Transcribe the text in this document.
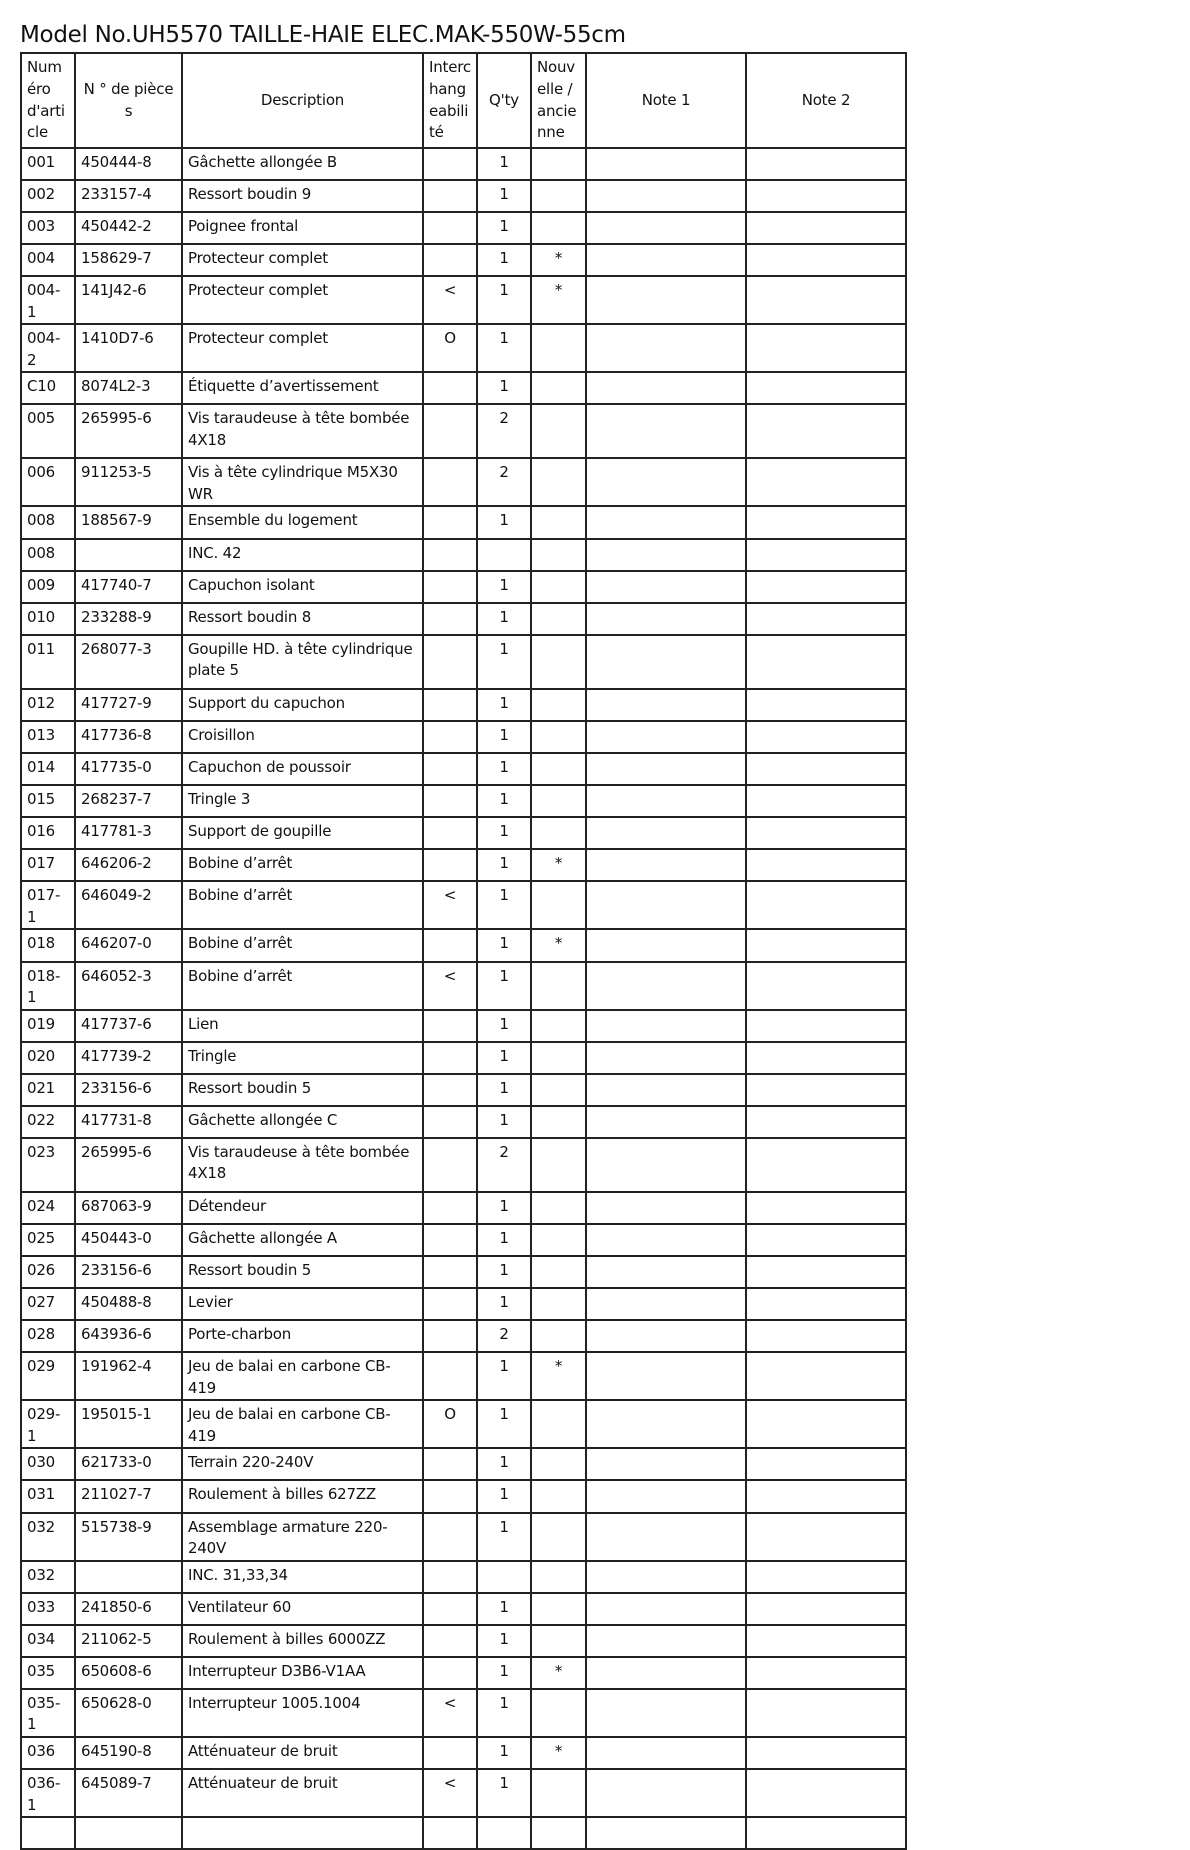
Model No.UH5570 TAILLE-HAIE ELEC.MAK-550W-55cm
Numéro d'article	N ° de pièces	Description	Interchangeabilité	Q'ty	Nouvelle / ancienne	Note 1	Note 2
001	450444-8	Gâchette allongée B		1			
002	233157-4	Ressort boudin 9		1			
003	450442-2	Poignee frontal		1			
004	158629-7	Protecteur complet		1	*		
004-1	141J42-6	Protecteur complet	<	1	*		
004-2	1410D7-6	Protecteur complet	O	1			
C10	8074L2-3	Étiquette d’avertissement		1			
005	265995-6	Vis taraudeuse à tête bombée 4X18		2			
006	911253-5	Vis à tête cylindrique M5X30 WR		2			
008	188567-9	Ensemble du logement		1			
008		INC. 42					
009	417740-7	Capuchon isolant		1			
010	233288-9	Ressort boudin 8		1			
011	268077-3	Goupille HD. à tête cylindrique plate 5		1			
012	417727-9	Support du capuchon		1			
013	417736-8	Croisillon		1			
014	417735-0	Capuchon de poussoir		1			
015	268237-7	Tringle 3		1			
016	417781-3	Support de goupille		1			
017	646206-2	Bobine d’arrêt		1	*		
017-1	646049-2	Bobine d’arrêt	<	1			
018	646207-0	Bobine d’arrêt		1	*		
018-1	646052-3	Bobine d’arrêt	<	1			
019	417737-6	Lien		1			
020	417739-2	Tringle		1			
021	233156-6	Ressort boudin 5		1			
022	417731-8	Gâchette allongée C		1			
023	265995-6	Vis taraudeuse à tête bombée 4X18		2			
024	687063-9	Détendeur		1			
025	450443-0	Gâchette allongée A		1			
026	233156-6	Ressort boudin 5		1			
027	450488-8	Levier		1			
028	643936-6	Porte-charbon		2			
029	191962-4	Jeu de balai en carbone CB-419		1	*		
029-1	195015-1	Jeu de balai en carbone CB-419	O	1			
030	621733-0	Terrain 220-240V		1			
031	211027-7	Roulement à billes 627ZZ		1			
032	515738-9	Assemblage armature 220-240V		1			
032		INC. 31,33,34					
033	241850-6	Ventilateur 60		1			
034	211062-5	Roulement à billes 6000ZZ		1			
035	650608-6	Interrupteur D3B6-V1AA		1	*		
035-1	650628-0	Interrupteur 1005.1004	<	1			
036	645190-8	Atténuateur de bruit		1	*		
036-1	645089-7	Atténuateur de bruit	<	1			
